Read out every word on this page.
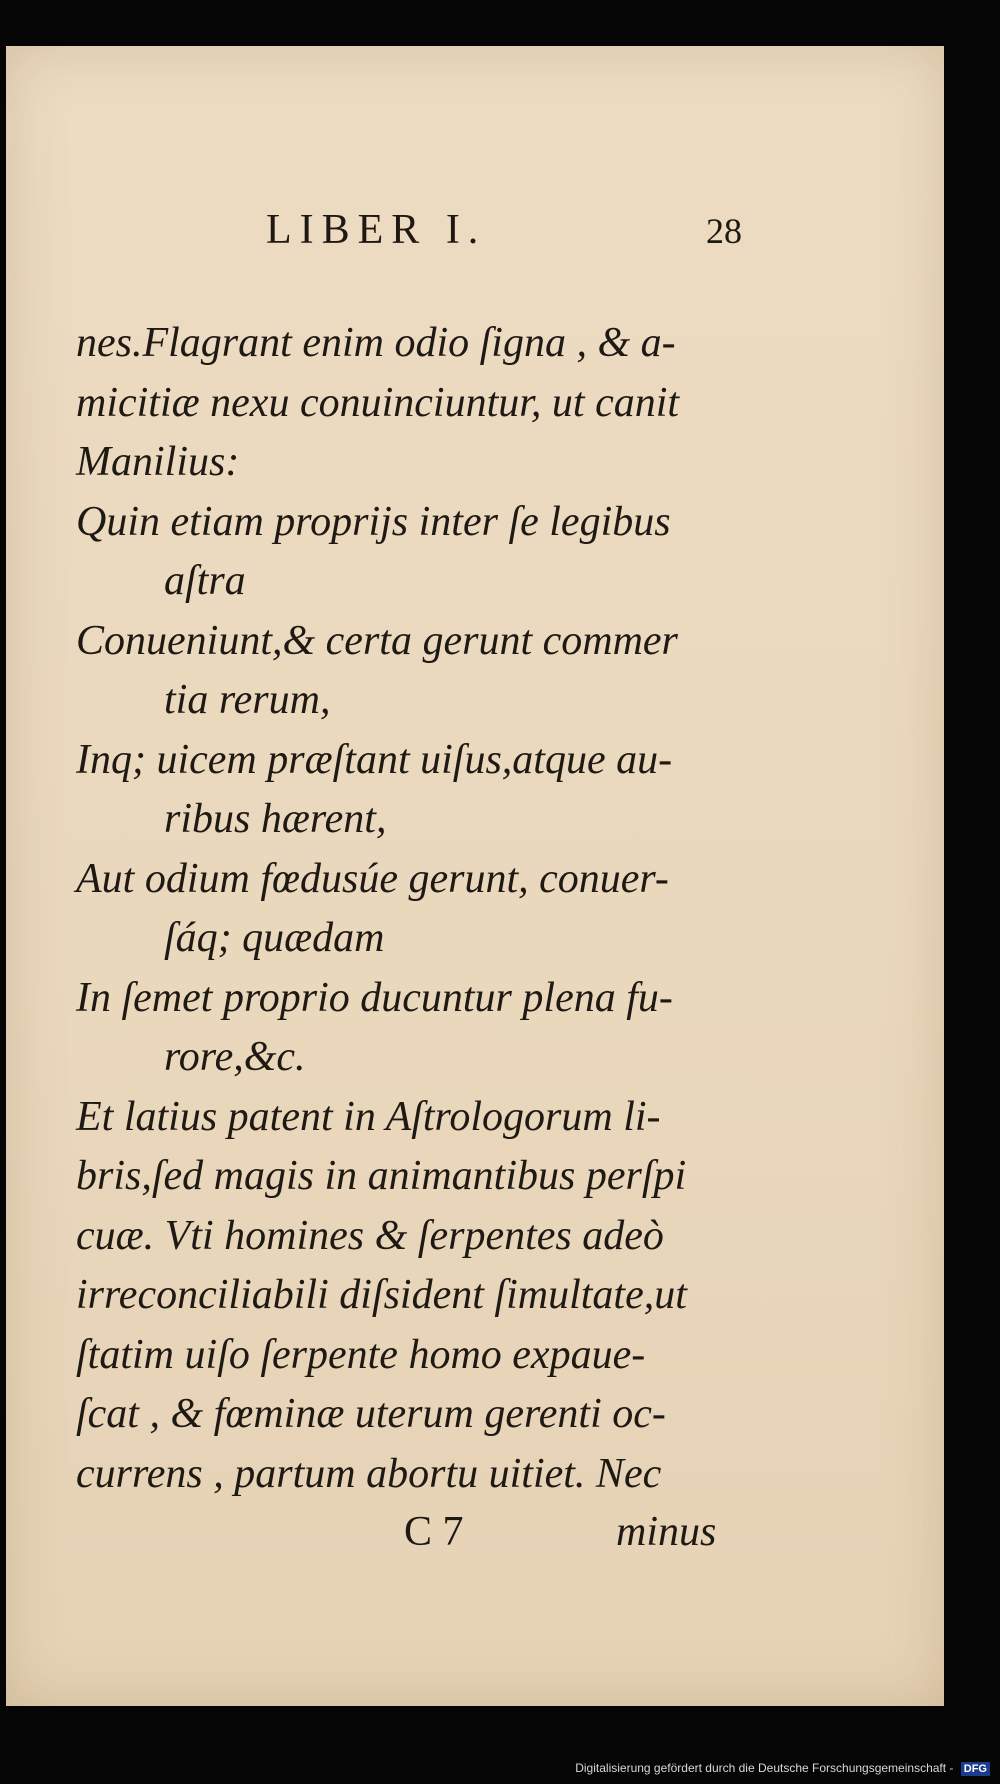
LIBER I.	28
nes.Flagrant enim odio ſigna , & a-
micitiæ nexu conuinciuntur, ut canit
Manilius:
Quin etiam proprijs inter ſe legibus
aſtra
Conueniunt,& certa gerunt commer
tia rerum,
Inq; uicem præſtant uiſus,atque au-
ribus hærent,
Aut odium fœdusúe gerunt, conuer-
ſáq; quædam
In ſemet proprio ducuntur plena fu-
rore,&c.
Et latius patent in Aſtrologorum li-
bris,ſed magis in animantibus perſpi
cuæ. Vti homines & ſerpentes adeò
irreconciliabili diſsident ſimultate,ut
ſtatim uiſo ſerpente homo expaue-
ſcat , & fœminæ uterum gerenti oc-
currens , partum abortu uitiet. Nec
C 7	minus
Digitalisierung gefördert durch die Deutsche Forschungsgemeinschaft - DFG
